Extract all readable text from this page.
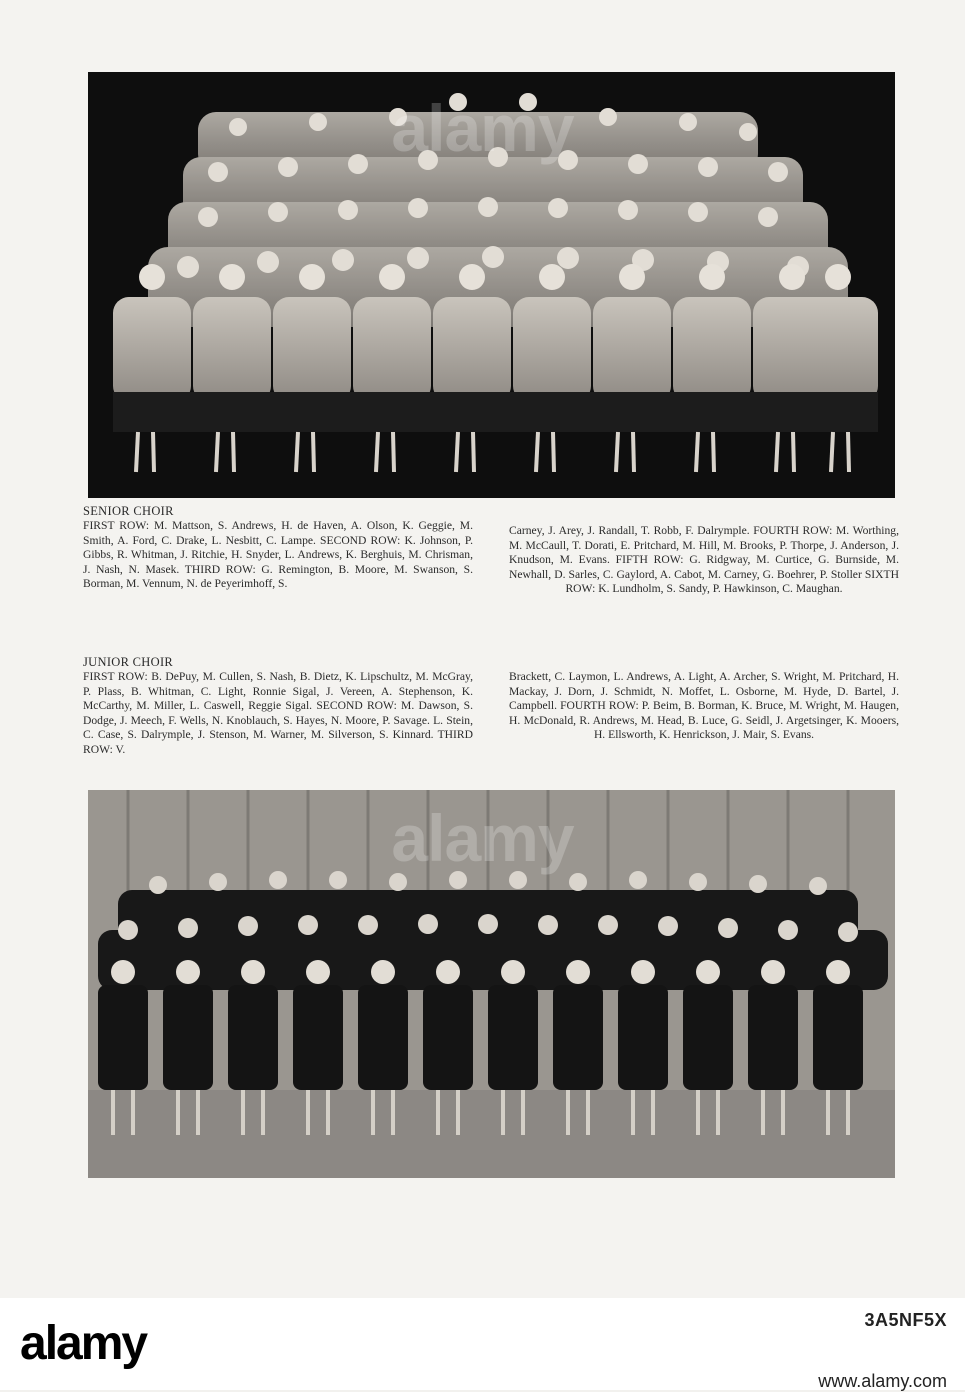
alamy
SENIOR CHOIR
FIRST ROW: M. Mattson, S. Andrews, H. de Haven, A. Olson, K. Geggie, M. Smith, A. Ford, C. Drake, L. Nesbitt, C. Lampe. SECOND ROW: K. Johnson, P. Gibbs, R. Whitman, J. Ritchie, H. Snyder, L. Andrews, K. Berghuis, M. Chrisman, J. Nash, N. Masek. THIRD ROW: G. Remington, B. Moore, M. Swanson, S. Borman, M. Vennum, N. de Peyerimhoff, S.
Carney, J. Arey, J. Randall, T. Robb, F. Dalrymple. FOURTH ROW: M. Worthing, M. McCaull, T. Dorati, E. Pritchard, M. Hill, M. Brooks, P. Thorpe, J. Anderson, J. Knudson, M. Evans. FIFTH ROW: G. Ridgway, M. Curtice, G. Burnside, M. Newhall, D. Sarles, C. Gaylord, A. Cabot, M. Carney, G. Boehrer, P. Stoller SIXTH ROW: K. Lundholm, S. Sandy, P. Hawkinson, C. Maughan.
JUNIOR CHOIR
FIRST ROW: B. DePuy, M. Cullen, S. Nash, B. Dietz, K. Lipschultz, M. McGray, P. Plass, B. Whitman, C. Light, Ronnie Sigal, J. Vereen, A. Stephenson, K. McCarthy, M. Miller, L. Caswell, Reggie Sigal. SECOND ROW: M. Dawson, S. Dodge, J. Meech, F. Wells, N. Knoblauch, S. Hayes, N. Moore, P. Savage. L. Stein, C. Case, S. Dalrymple, J. Stenson, M. Warner, M. Silverson, S. Kinnard. THIRD ROW: V.
Brackett, C. Laymon, L. Andrews, A. Light, A. Archer, S. Wright, M. Pritchard, H. Mackay, J. Dorn, J. Schmidt, N. Moffet, L. Osborne, M. Hyde, D. Bartel, J. Campbell. FOURTH ROW: P. Beim, B. Borman, K. Bruce, M. Wright, M. Haugen, H. McDonald, R. Andrews, M. Head, B. Luce, G. Seidl, J. Argetsinger, K. Mooers, H. Ellsworth, K. Henrickson, J. Mair, S. Evans.
alamy
alamy	3A5NF5X
www.alamy.com
